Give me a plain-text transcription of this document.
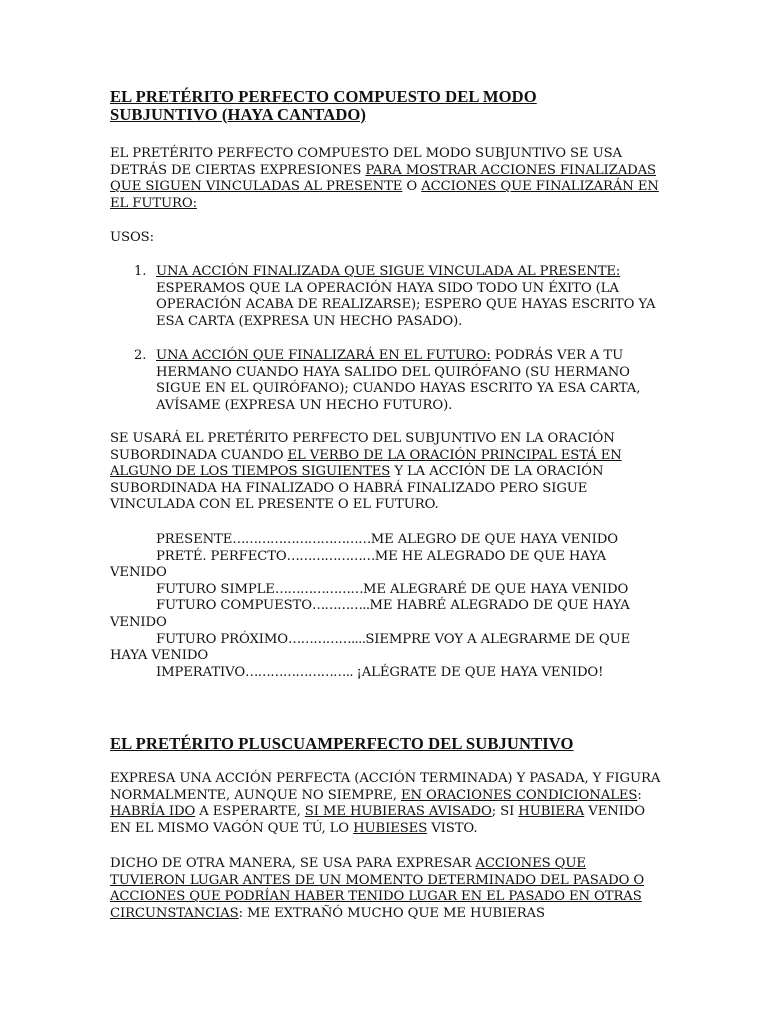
EL PRETÉRITO PERFECTO COMPUESTO DEL MODO
SUBJUNTIVO (HAYA CANTADO)

EL PRETÉRITO PERFECTO COMPUESTO DEL MODO SUBJUNTIVO SE USA DETRÁS DE CIERTAS EXPRESIONES PARA MOSTRAR ACCIONES FINALIZADAS QUE SIGUEN VINCULADAS AL PRESENTE O ACCIONES QUE FINALIZARÁN EN EL FUTURO:

USOS:

1. UNA ACCIÓN FINALIZADA QUE SIGUE VINCULADA AL PRESENTE: ESPERAMOS QUE LA OPERACIÓN HAYA SIDO TODO UN ÉXITO (LA OPERACIÓN ACABA DE REALIZARSE); ESPERO QUE HAYAS ESCRITO YA ESA CARTA (EXPRESA UN HECHO PASADO).

2. UNA ACCIÓN QUE FINALIZARÁ EN EL FUTURO: PODRÁS VER A TU HERMANO CUANDO HAYA SALIDO DEL QUIRÓFANO (SU HERMANO SIGUE EN EL QUIRÓFANO); CUANDO HAYAS ESCRITO YA ESA CARTA, AVÍSAME (EXPRESA UN HECHO FUTURO).

SE USARÁ EL PRETÉRITO PERFECTO DEL SUBJUNTIVO EN LA ORACIÓN SUBORDINADA CUANDO EL VERBO DE LA ORACIÓN PRINCIPAL ESTÁ EN ALGUNO DE LOS TIEMPOS SIGUIENTES Y LA ACCIÓN DE LA ORACIÓN SUBORDINADA HA FINALIZADO O HABRÁ FINALIZADO PERO SIGUE VINCULADA CON EL PRESENTE O EL FUTURO.

PRESENTE……………………………ME ALEGRO DE QUE HAYA VENIDO

PRETÉ. PERFECTO…………………ME HE ALEGRADO DE QUE HAYA VENIDO

FUTURO SIMPLE…………………ME ALEGRARÉ DE QUE HAYA VENIDO

FUTURO COMPUESTO…………..ME HABRÉ ALEGRADO DE QUE HAYA VENIDO

FUTURO PRÓXIMO……………....SIEMPRE VOY A ALEGRARME DE QUE HAYA VENIDO

IMPERATIVO…………………….. ¡ALÉGRATE DE QUE HAYA VENIDO!

EL PRETÉRITO PLUSCUAMPERFECTO DEL SUBJUNTIVO

EXPRESA UNA ACCIÓN PERFECTA (ACCIÓN TERMINADA) Y PASADA, Y FIGURA NORMALMENTE, AUNQUE NO SIEMPRE, EN ORACIONES CONDICIONALES: HABRÍA IDO A ESPERARTE, SI ME HUBIERAS AVISADO; SI HUBIERA VENIDO EN EL MISMO VAGÓN QUE TÚ, LO HUBIESES VISTO.

DICHO DE OTRA MANERA, SE USA PARA EXPRESAR ACCIONES QUE TUVIERON LUGAR ANTES DE UN MOMENTO DETERMINADO DEL PASADO O ACCIONES QUE PODRÍAN HABER TENIDO LUGAR EN EL PASADO EN OTRAS CIRCUNSTANCIAS: ME EXTRAÑÓ MUCHO QUE ME HUBIERAS
